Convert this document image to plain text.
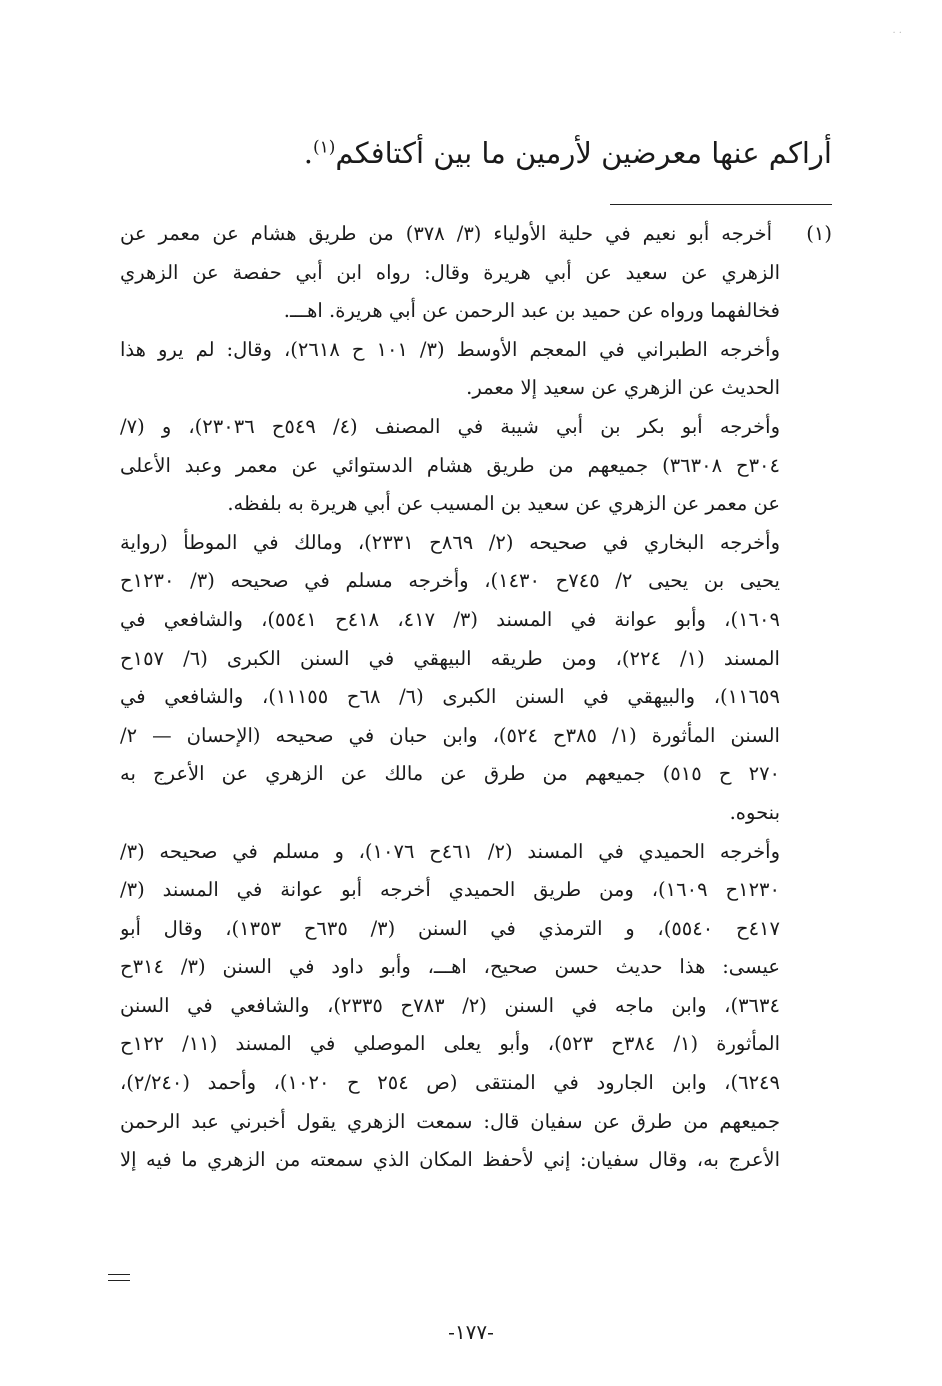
· ·
أراكم عنها معرضين لأرمين ما بين أكتافكم$^{(١)}$.
(١) أخرجه أبو نعيم في حلية الأولياء (٣/ ٣٧٨) من طريق هشام عن معمر عن
الزهري عن سعيد عن أبي هريرة وقال: رواه ابن أبي حفصة عن الزهري
فخالفهما ورواه عن حميد بن عبد الرحمن عن أبي هريرة. اهـــ.
وأخرجه الطبراني في المعجم الأوسط (٣/ ١٠١ ح ٢٦١٨)، وقال: لم يرو هذا
الحديث عن الزهري عن سعيد إلا معمر.
وأخرجه أبو بكر بن أبي شيبة في المصنف (٤/ ٥٤٩ح ٢٣٠٣٦)، و (٧/
٣٠٤ح ٣٦٣٠٨) جميعهم من طريق هشام الدستوائي عن معمر وعبد الأعلى
عن معمر عن الزهري عن سعيد بن المسيب عن أبي هريرة به بلفظه.
وأخرجه البخاري في صحيحه (٢/ ٨٦٩ح ٢٣٣١)، ومالك في الموطأ (رواية
يحيى بن يحيى ٢/ ٧٤٥ح ١٤٣٠)، وأخرجه مسلم في صحيحه (٣/ ١٢٣٠ح
١٦٠٩)، وأبو عوانة في المسند (٣/ ٤١٧، ٤١٨ح ٥٥٤١)، والشافعي في
المسند (١/ ٢٢٤)، ومن طريقه البيهقي في السنن الكبرى (٦/ ١٥٧ح
١١٦٥٩)، والبيهقي في السنن الكبرى (٦/ ٦٨ح ١١١٥٥)، والشافعي في
السنن المأثورة (١/ ٣٨٥ح ٥٢٤)، وابن حبان في صحيحه (الإحسان — ٢/
٢٧٠ ح ٥١٥) جميعهم من طرق عن مالك عن الزهري عن الأعرج به
بنحوه.
وأخرجه الحميدي في المسند (٢/ ٤٦١ح ١٠٧٦)، و مسلم في صحيحه (٣/
١٢٣٠ح ١٦٠٩)، ومن طريق الحميدي أخرجه أبو عوانة في المسند (٣/
٤١٧ح ٥٥٤٠)، و الترمذي في السنن (٣/ ٦٣٥ح ١٣٥٣)، وقال أبو
عيسى: هذا حديث حسن صحيح، اهـــ، وأبو داود في السنن (٣/ ٣١٤ح
٣٦٣٤)، وابن ماجه في السنن (٢/ ٧٨٣ح ٢٣٣٥)، والشافعي في السنن
المأثورة (١/ ٣٨٤ح ٥٢٣)، وأبو يعلى الموصلي في المسند (١١/ ١٢٢ح
٦٢٤٩)، وابن الجارود في المنتقى (ص ٢٥٤ ح ١٠٢٠)، وأحمد (٢/٢٤٠)،
جميعهم من طرق عن سفيان قال: سمعت الزهري يقول أخبرني عبد الرحمن
الأعرج به، وقال سفيان: إني لأحفظ المكان الذي سمعته من الزهري ما فيه إلا
-١٧٧-
